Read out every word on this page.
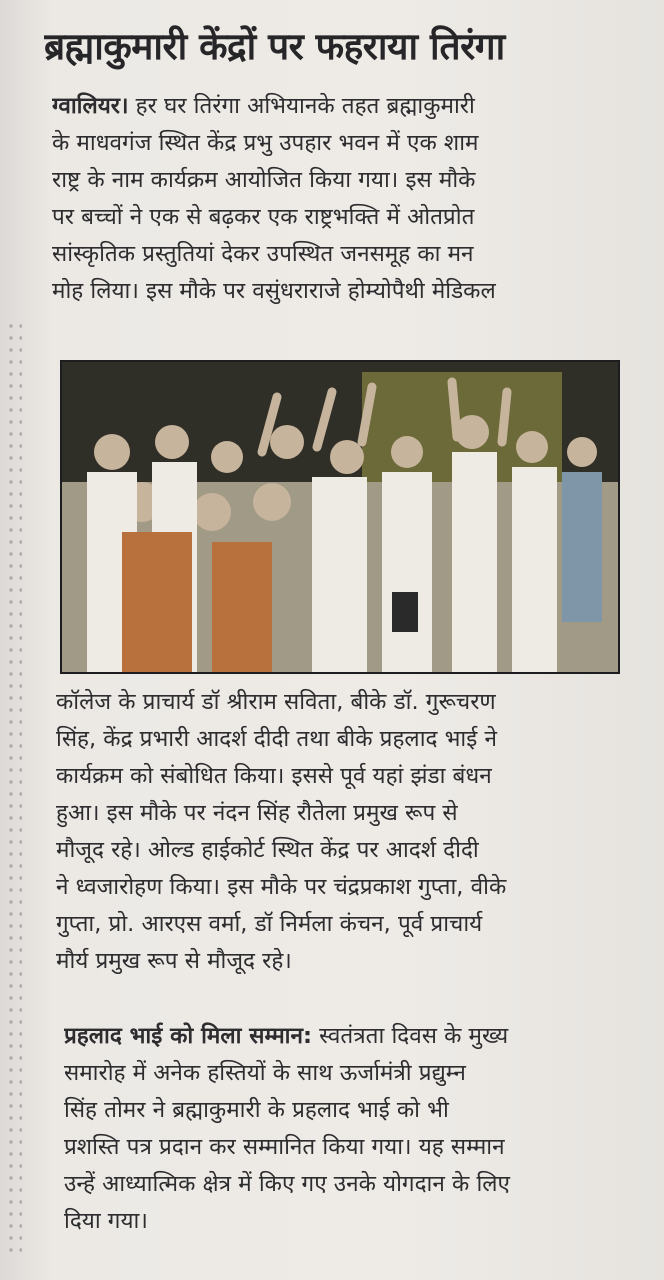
ब्रह्माकुमारी केंद्रों पर फहराया तिरंगा
ग्वालियर। हर घर तिरंगा अभियानके तहत ब्रह्माकुमारी
के माधवगंज स्थित केंद्र प्रभु उपहार भवन में एक शाम
राष्ट्र के नाम कार्यक्रम आयोजित किया गया। इस मौके
पर बच्चों ने एक से बढ़कर एक राष्ट्रभक्ति में ओतप्रोत
सांस्कृतिक प्रस्तुतियां देकर उपस्थित जनसमूह का मन
मोह लिया। इस मौके पर वसुंधराराजे होम्योपैथी मेडिकल
कॉलेज के प्राचार्य डॉ श्रीराम सविता, बीके डॉ. गुरूचरण
सिंह, केंद्र प्रभारी आदर्श दीदी तथा बीके प्रहलाद भाई ने
कार्यक्रम को संबोधित किया। इससे पूर्व यहां झंडा बंधन
हुआ। इस मौके पर नंदन सिंह रौतेला प्रमुख रूप से
मौजूद रहे। ओल्ड हाईकोर्ट स्थित केंद्र पर आदर्श दीदी
ने ध्वजारोहण किया। इस मौके पर चंद्रप्रकाश गुप्ता, वीके
गुप्ता, प्रो. आरएस वर्मा, डॉ निर्मला कंचन, पूर्व प्राचार्य
मौर्य प्रमुख रूप से मौजूद रहे।
प्रहलाद भाई को मिला सम्मान: स्वतंत्रता दिवस के मुख्य
समारोह में अनेक हस्तियों के साथ ऊर्जामंत्री प्रद्युम्न
सिंह तोमर ने ब्रह्माकुमारी के प्रहलाद भाई को भी
प्रशस्ति पत्र प्रदान कर सम्मानित किया गया। यह सम्मान
उन्हें आध्यात्मिक क्षेत्र में किए गए उनके योगदान के लिए
दिया गया।
